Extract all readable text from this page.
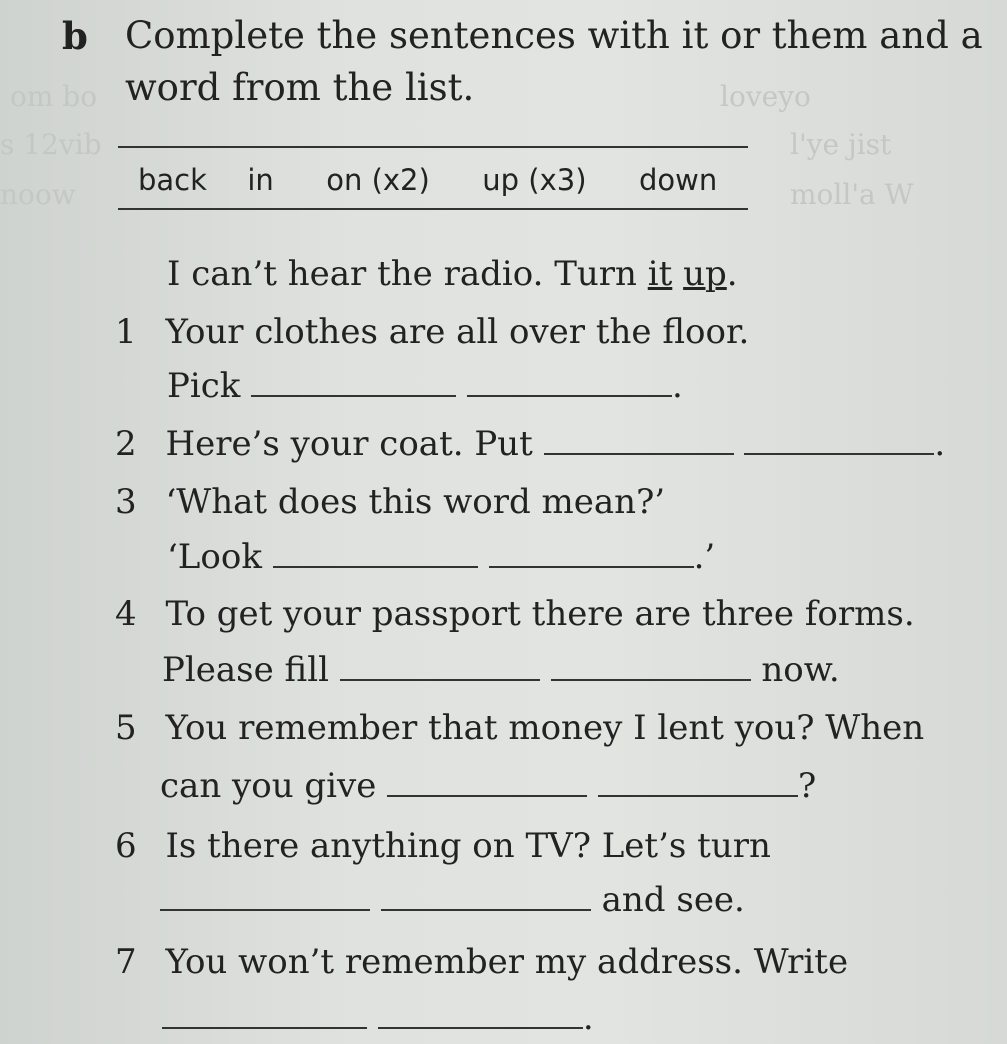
om bo	loveyo
s 12vib	l'ye jist
noow	moll'a W
b Complete the sentences with it or them and a
word from the list.
back in on (x2) up (x3) down
I can’t hear the radio. Turn it up.
1 Your clothes are all over the floor.
Pick	.
2 Here’s your coat. Put	.
3 ‘What does this word mean?’
‘Look	.’
4 To get your passport there are three forms.
Please fill	now.
5 You remember that money I lent you? When
can you give	?
6 Is there anything on TV? Let’s turn
and see.
7 You won’t remember my address. Write
.
